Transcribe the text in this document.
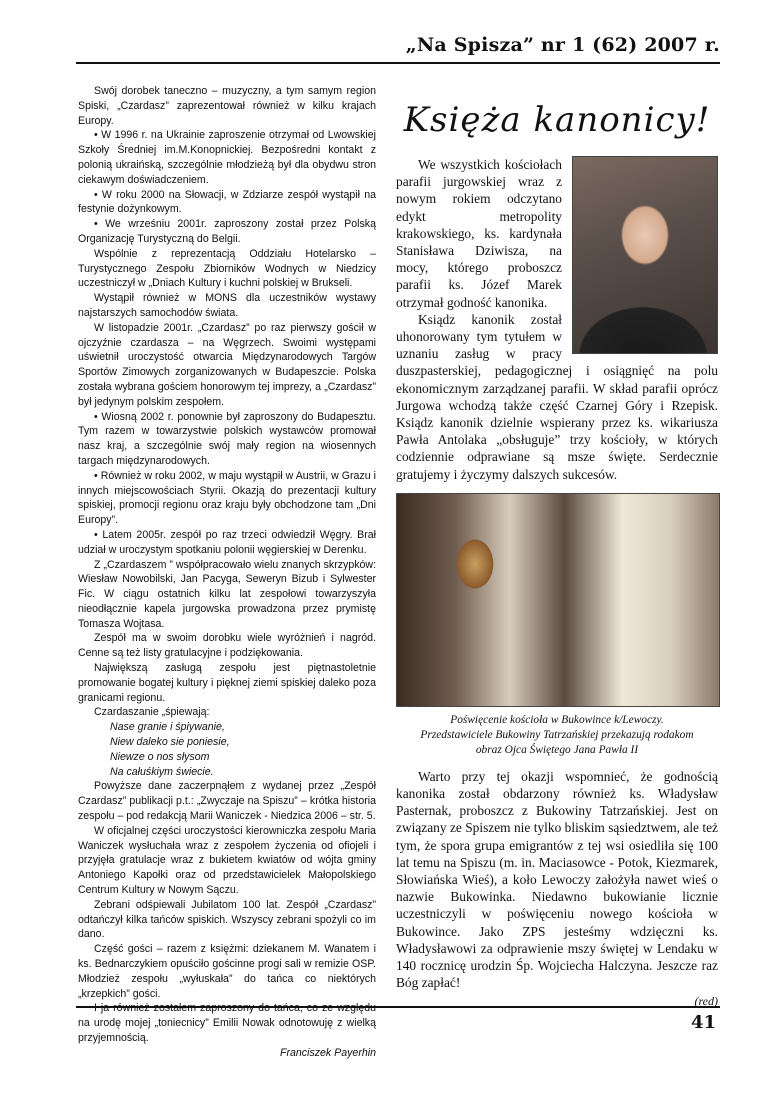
„Na Spisza” nr 1 (62) 2007 r.

Swój dorobek taneczno – muzyczny, a tym samym region Spiski, „Czardasz” zaprezentował również w kilku krajach Europy.

• W 1996 r. na Ukrainie zaproszenie otrzymał od Lwowskiej Szkoły Średniej im.M.Konopnickiej. Bezpośredni kontakt z polonią ukraińską, szczególnie młodzieżą był dla obydwu stron ciekawym doświadczeniem.

• W roku 2000 na Słowacji, w Zdziarze zespół wystąpił na festynie dożynkowym.

• We wrześniu 2001r. zaproszony został przez Polską Organizację Turystyczną do Belgii.

Wspólnie z reprezentacją Oddziału Hotelarsko – Turystycznego Zespołu Zbiorników Wodnych w Niedzicy uczestniczył w „Dniach Kultury i kuchni polskiej w Brukseli.

Wystąpił również w MONS dla uczestników wystawy najstarszych samochodów świata.

W listopadzie 2001r. „Czardasz” po raz pierwszy gościł w ojczyźnie czardasza – na Węgrzech. Swoimi występami uświetnił uroczystość otwarcia Międzynarodowych Targów Sportów Zimowych zorganizowanych w Budapeszcie. Polska została wybrana gościem honorowym tej imprezy, a „Czardasz” był jedynym polskim zespołem.

• Wiosną 2002 r. ponownie był zaproszony do Budapesztu. Tym razem w towarzystwie polskich wystawców promował nasz kraj, a szczególnie swój mały region na wiosennych targach międzynarodowych.

• Również w roku 2002, w maju wystąpił w Austrii, w Grazu i innych miejscowościach Styrii. Okazją do prezentacji kultury spiskiej, promocji regionu oraz kraju były obchodzone tam „Dni Europy”.

• Latem 2005r. zespół po raz trzeci odwiedził Węgry. Brał udział w uroczystym spotkaniu polonii węgierskiej w Derenku.

Z „Czardaszem ” współpracowało wielu znanych skrzypków: Wiesław Nowobilski, Jan Pacyga, Seweryn Bizub i Sylwester Fic. W ciągu ostatnich kilku lat zespołowi towarzyszyła nieodłącznie kapela jurgowska prowadzona przez prymistę Tomasza Wojtasa.

Zespół ma w swoim dorobku wiele wyróżnień i nagród. Cenne są też listy gratulacyjne i podziękowania.

Największą zasługą zespołu jest piętnastoletnie promowanie bogatej kultury i pięknej ziemi spiskiej daleko poza granicami regionu.

Czardaszanie „śpiewają:

Nase granie i śpiywanie,

Niew daleko sie poniesie,

Niewze o nos słysom

Na całuśkiym świecie.

Powyższe dane zaczerpnąłem z wydanej przez „Zespół Czardasz” publikacji p.t.: „Zwyczaje na Spiszu” – krótka historia zespołu – pod redakcją Marii Waniczek - Niedzica 2006 – str. 5.

W oficjalnej części uroczystości kierowniczka zespołu Maria Waniczek wysłuchała wraz z zespołem życzenia od ofiojeli i przyjęła gratulacje wraz z bukietem kwiatów od wójta gminy Antoniego Kapołki oraz od przedstawicielek Małopolskiego Centrum Kultury w Nowym Sączu.

Zebrani odśpiewali Jubilatom 100 lat. Zespół „Czardasz” odtańczył kilka tańców spiskich. Wszyscy zebrani spożyli co im dano.

Część gości – razem z księżmi: dziekanem M. Wanatem i ks. Bednarczykiem opuściło gościnne progi sali w remizie OSP. Młodzież zespołu „wyłuskała” do tańca co niektórych „krzepkich” gości.

I ja również zostałem zaproszony do tańca, co ze względu na urodę mojej „toniecnicy” Emilii Nowak odnotowuję z wielką przyjemnością.

Franciszek Payerhin

Księża kanonicy!

We wszystkich kościołach parafii jurgowskiej wraz z nowym rokiem odczytano edykt metropolity krakowskiego, ks. kardynała Stanisława Dziwisza, na mocy, którego proboszcz parafii ks. Józef Marek otrzymał godność kanonika.

Ksiądz kanonik został uhonorowany tym tytułem w uznaniu zasług w pracy duszpasterskiej, pedagogicznej i osiągnięć na polu ekonomicznym zarządzanej parafii. W skład parafii oprócz Jurgowa wchodzą także część Czarnej Góry i Rzepisk. Ksiądz kanonik dzielnie wspierany przez ks. wikariusza Pawła Antolaka „obsługuje” trzy kościoły, w których codziennie odprawiane są msze święte. Serdecznie gratujemy i życzymy dalszych sukcesów.

Poświęcenie kościoła w Bukowince k/Lewoczy.
Przedstawiciele Bukowiny Tatrzańskiej przekazują rodakom
obraz Ojca Świętego Jana Pawła II

Warto przy tej okazji wspomnieć, że godnością kanonika został obdarzony również ks. Władysław Pasternak, proboszcz z Bukowiny Tatrzańskiej. Jest on związany ze Spiszem nie tylko bliskim sąsiedztwem, ale też tym, że spora grupa emigrantów z tej wsi osiedliła się 100 lat temu na Spiszu (m. in. Maciasowce - Potok, Kiezmarek, Słowiańska Wieś), a koło Lewoczy założyła nawet wieś o nazwie Bukowinka. Niedawno bukowianie licznie uczestniczyli w poświęceniu nowego kościoła w Bukowince. Jako ZPS jesteśmy wdzięczni ks. Władysławowi za odprawienie mszy świętej w Lendaku w 140 rocznicę urodzin Śp. Wojciecha Halczyna. Jeszcze raz Bóg zapłać!

(red)
41
